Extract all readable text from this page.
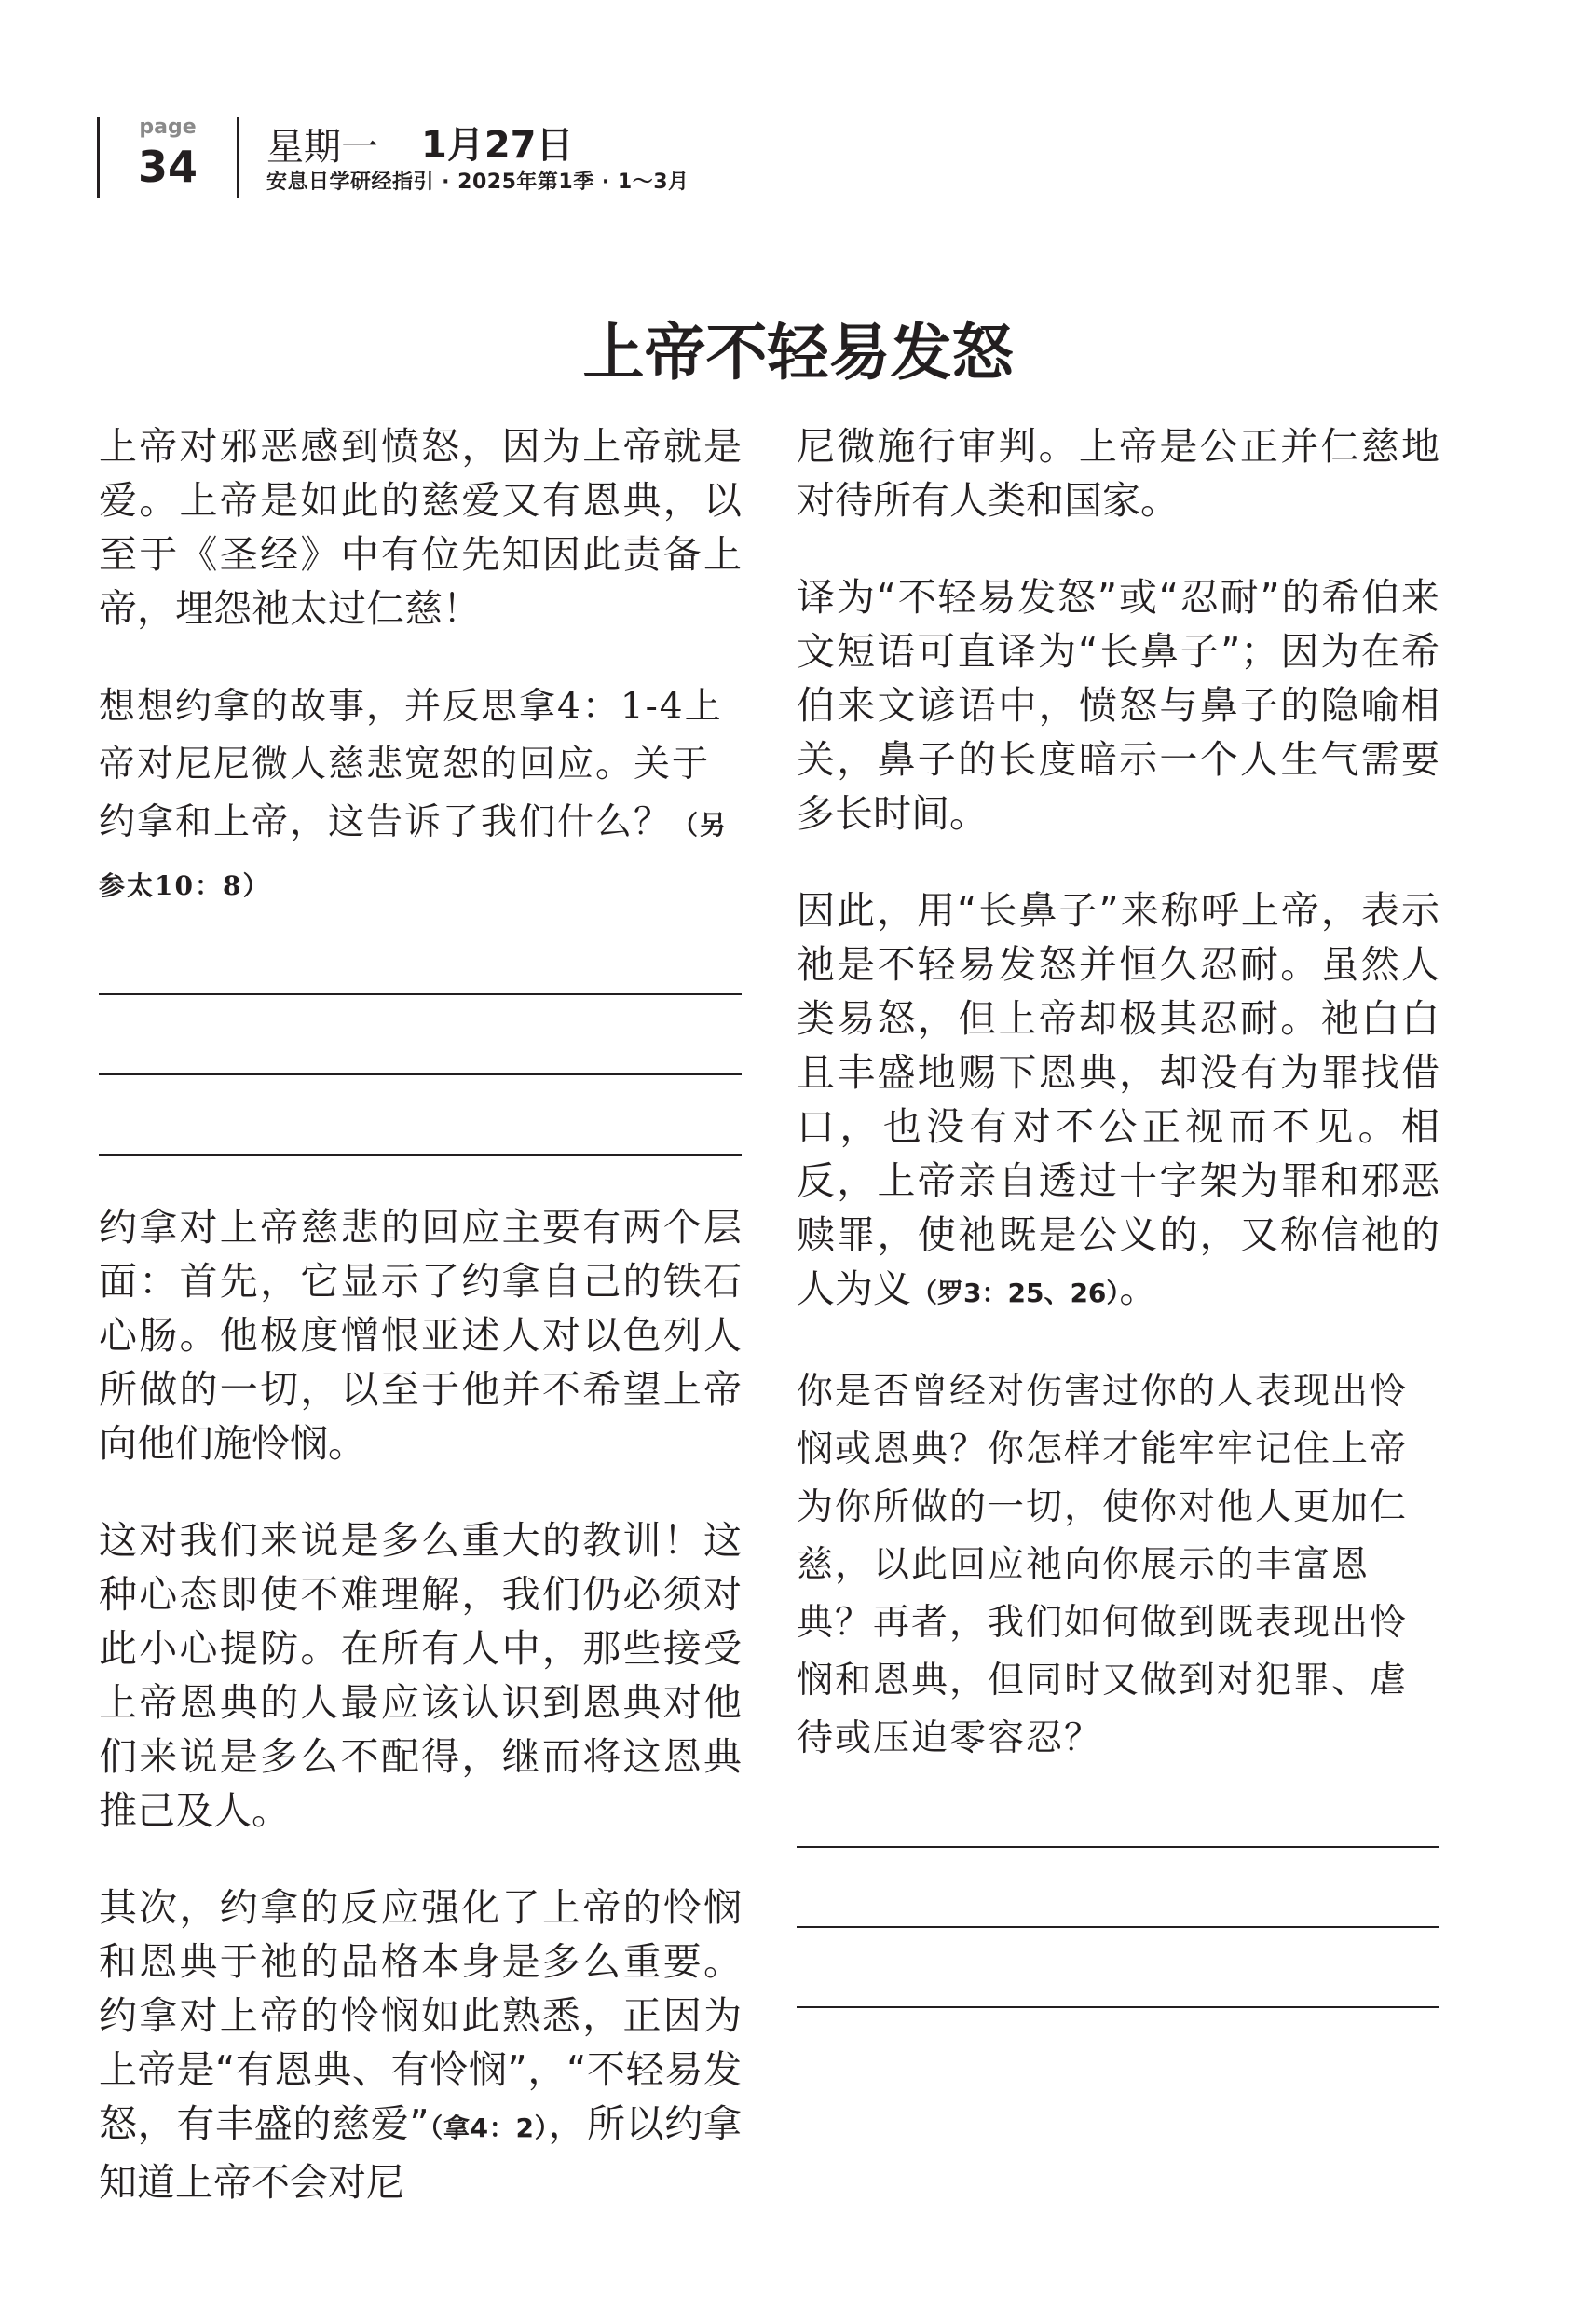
page
34 星期一 1月27日
安息日学研经指引 · 2025年第1季 · 1～3月
上帝不轻易发怒

上帝对邪恶感到愤怒，因为上帝就是爱。上帝是如此的慈爱又有恩典，以至于《圣经》中有位先知因此责备上帝，埋怨祂太过仁慈！

想想约拿的故事，并反思拿4：1-4上帝对尼尼微人慈悲宽恕的回应。关于约拿和上帝，这告诉了我们什么？（另参太10：8）

约拿对上帝慈悲的回应主要有两个层面：首先，它显示了约拿自己的铁石心肠。他极度憎恨亚述人对以色列人所做的一切，以至于他并不希望上帝向他们施怜悯。

这对我们来说是多么重大的教训！这种心态即使不难理解，我们仍必须对此小心提防。在所有人中，那些接受上帝恩典的人最应该认识到恩典对他们来说是多么不配得，继而将这恩典推己及人。

其次，约拿的反应强化了上帝的怜悯和恩典于祂的品格本身是多么重要。约拿对上帝的怜悯如此熟悉，正因为上帝是“有恩典、有怜悯”，“不轻易发怒，有丰盛的慈爱”（拿4：2），所以约拿知道上帝不会对尼

尼微施行审判。上帝是公正并仁慈地对待所有人类和国家。

译为“不轻易发怒”或“忍耐”的希伯来文短语可直译为“长鼻子”；因为在希伯来文谚语中，愤怒与鼻子的隐喻相关，鼻子的长度暗示一个人生气需要多长时间。

因此，用“长鼻子”来称呼上帝，表示祂是不轻易发怒并恒久忍耐。虽然人类易怒，但上帝却极其忍耐。祂白白且丰盛地赐下恩典，却没有为罪找借口，也没有对不公正视而不见。相反，上帝亲自透过十字架为罪和邪恶赎罪，使祂既是公义的，又称信祂的人为义（罗3：25、26）。

你是否曾经对伤害过你的人表现出怜悯或恩典？你怎样才能牢牢记住上帝为你所做的一切，使你对他人更加仁慈，以此回应祂向你展示的丰富恩典？再者，我们如何做到既表现出怜悯和恩典，但同时又做到对犯罪、虐待或压迫零容忍？
